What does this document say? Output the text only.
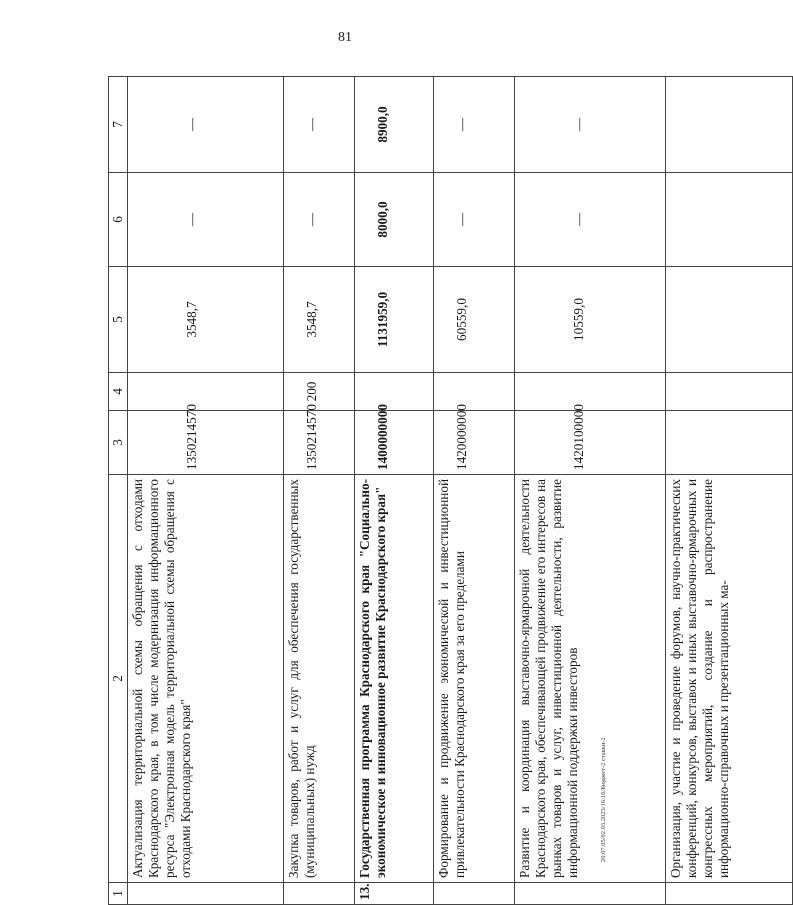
81
20.07.05/02.03.2023/16:16/Бюджет-2 ставки-2
1	2	3	4	5	6	7
	Актуализация территориальной схемы обращения с отходами Краснодарского края, в том числе модернизация информационного ресурса "Электронная модель территориальной схемы обращения с отходами Краснодарского края"	1350214570		3548,7	—	—
	Закупка товаров, работ и услуг для обеспечения государственных (муниципальных) нужд	1350214570	200	3548,7	—	—
13.	Государственная программа Краснодарского края "Социально-экономическое и инновационное развитие Краснодарского края"	1400000000		1131959,0	8000,0	8900,0
	Формирование и продвижение экономической и инвестиционной привлекательности Краснодарского края за его пределами	1420000000		60559,0	—	—
	Развитие и координация выставочно-ярмарочной деятельности Краснодарского края, обеспечивающей продвижение его интересов на рынках товаров и услуг, инвестиционной деятельности, развитие информационной поддержки инвесторов	1420100000		10559,0	—	—
	Организация, участие и проведение форумов, научно-практических конференций, конкурсов, выставок и иных выставочно-ярмарочных и конгрессных мероприятий, создание и распространение информационно-справочных и презентационных ма-					
